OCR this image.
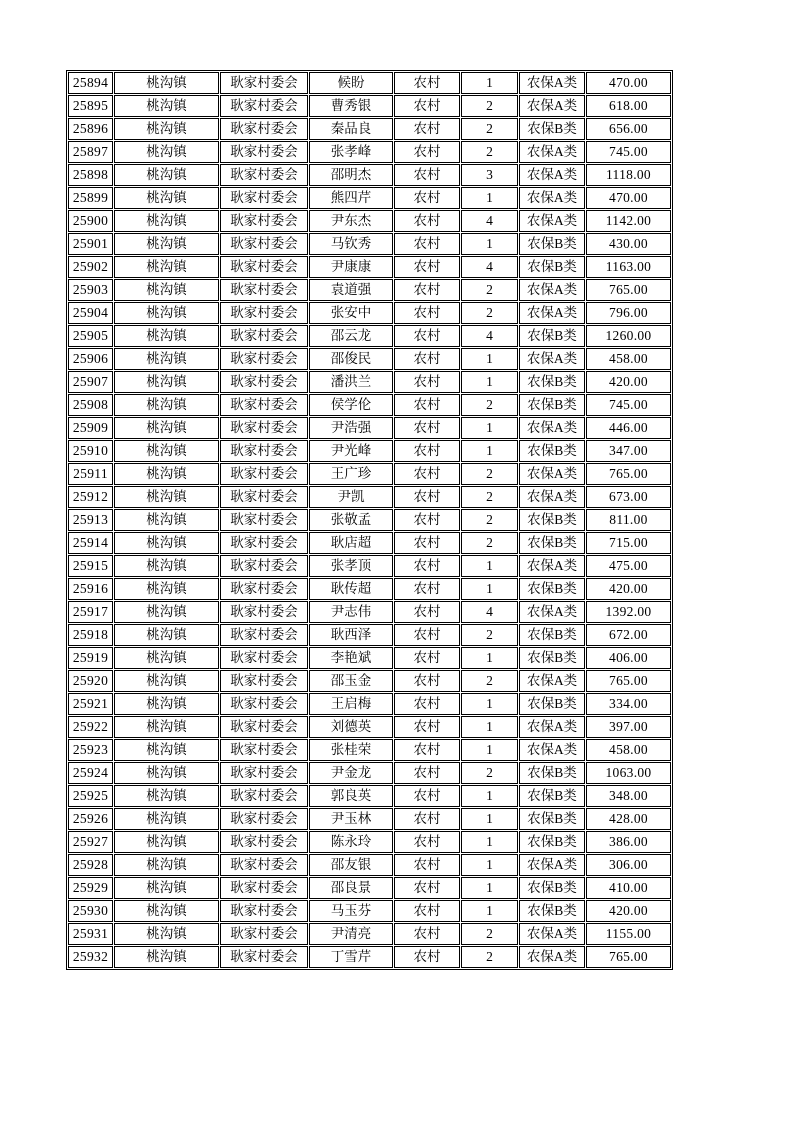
25894	桃沟镇	耿家村委会	候盼	农村	1	农保A类	470.00
25895	桃沟镇	耿家村委会	曹秀银	农村	2	农保A类	618.00
25896	桃沟镇	耿家村委会	秦品良	农村	2	农保B类	656.00
25897	桃沟镇	耿家村委会	张孝峰	农村	2	农保A类	745.00
25898	桃沟镇	耿家村委会	邵明杰	农村	3	农保A类	1118.00
25899	桃沟镇	耿家村委会	熊四芹	农村	1	农保A类	470.00
25900	桃沟镇	耿家村委会	尹东杰	农村	4	农保A类	1142.00
25901	桃沟镇	耿家村委会	马钦秀	农村	1	农保B类	430.00
25902	桃沟镇	耿家村委会	尹康康	农村	4	农保B类	1163.00
25903	桃沟镇	耿家村委会	袁道强	农村	2	农保A类	765.00
25904	桃沟镇	耿家村委会	张安中	农村	2	农保A类	796.00
25905	桃沟镇	耿家村委会	邵云龙	农村	4	农保B类	1260.00
25906	桃沟镇	耿家村委会	邵俊民	农村	1	农保A类	458.00
25907	桃沟镇	耿家村委会	潘洪兰	农村	1	农保B类	420.00
25908	桃沟镇	耿家村委会	侯学伦	农村	2	农保B类	745.00
25909	桃沟镇	耿家村委会	尹浩强	农村	1	农保A类	446.00
25910	桃沟镇	耿家村委会	尹光峰	农村	1	农保B类	347.00
25911	桃沟镇	耿家村委会	王广珍	农村	2	农保A类	765.00
25912	桃沟镇	耿家村委会	尹凯	农村	2	农保A类	673.00
25913	桃沟镇	耿家村委会	张敬孟	农村	2	农保B类	811.00
25914	桃沟镇	耿家村委会	耿店超	农村	2	农保B类	715.00
25915	桃沟镇	耿家村委会	张孝顶	农村	1	农保A类	475.00
25916	桃沟镇	耿家村委会	耿传超	农村	1	农保B类	420.00
25917	桃沟镇	耿家村委会	尹志伟	农村	4	农保A类	1392.00
25918	桃沟镇	耿家村委会	耿西泽	农村	2	农保B类	672.00
25919	桃沟镇	耿家村委会	李艳斌	农村	1	农保B类	406.00
25920	桃沟镇	耿家村委会	邵玉金	农村	2	农保A类	765.00
25921	桃沟镇	耿家村委会	王启梅	农村	1	农保B类	334.00
25922	桃沟镇	耿家村委会	刘德英	农村	1	农保A类	397.00
25923	桃沟镇	耿家村委会	张桂荣	农村	1	农保A类	458.00
25924	桃沟镇	耿家村委会	尹金龙	农村	2	农保B类	1063.00
25925	桃沟镇	耿家村委会	郭良英	农村	1	农保B类	348.00
25926	桃沟镇	耿家村委会	尹玉林	农村	1	农保B类	428.00
25927	桃沟镇	耿家村委会	陈永玲	农村	1	农保B类	386.00
25928	桃沟镇	耿家村委会	邵友银	农村	1	农保A类	306.00
25929	桃沟镇	耿家村委会	邵良景	农村	1	农保B类	410.00
25930	桃沟镇	耿家村委会	马玉芬	农村	1	农保B类	420.00
25931	桃沟镇	耿家村委会	尹清亮	农村	2	农保A类	1155.00
25932	桃沟镇	耿家村委会	丁雪芹	农村	2	农保A类	765.00
